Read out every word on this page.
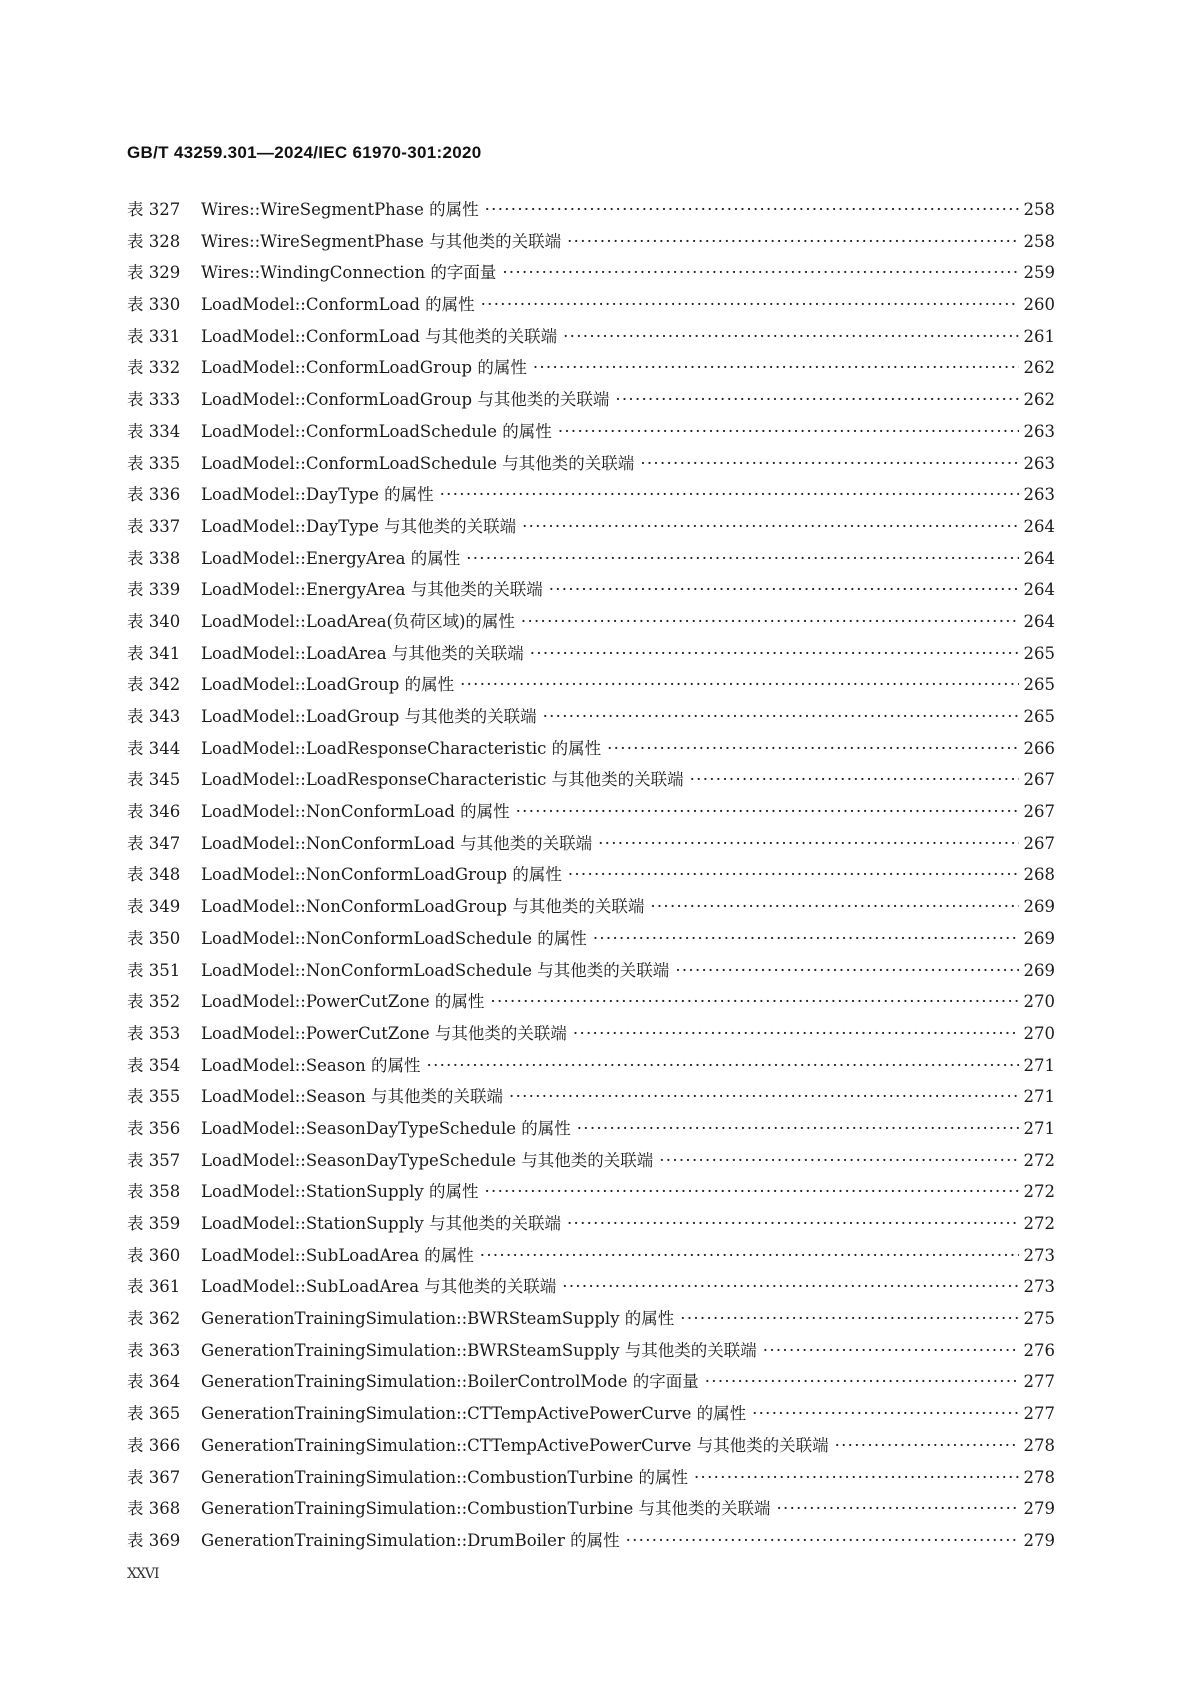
GB/T 43259.301—2024/IEC 61970-301:2020
表 327	Wires::WireSegmentPhase 的属性 ·····	258
表 328	Wires::WireSegmentPhase 与其他类的关联端 ·····	258
表 329	Wires::WindingConnection 的字面量 ·····	259
表 330	LoadModel::ConformLoad 的属性 ·····	260
表 331	LoadModel::ConformLoad 与其他类的关联端 ·····	261
表 332	LoadModel::ConformLoadGroup 的属性 ·····	262
表 333	LoadModel::ConformLoadGroup 与其他类的关联端 ·····	262
表 334	LoadModel::ConformLoadSchedule 的属性 ·····	263
表 335	LoadModel::ConformLoadSchedule 与其他类的关联端 ·····	263
表 336	LoadModel::DayType 的属性 ·····	263
表 337	LoadModel::DayType 与其他类的关联端 ·····	264
表 338	LoadModel::EnergyArea 的属性 ·····	264
表 339	LoadModel::EnergyArea 与其他类的关联端 ·····	264
表 340	LoadModel::LoadArea(负荷区域)的属性 ·····	264
表 341	LoadModel::LoadArea 与其他类的关联端 ·····	265
表 342	LoadModel::LoadGroup 的属性 ·····	265
表 343	LoadModel::LoadGroup 与其他类的关联端 ·····	265
表 344	LoadModel::LoadResponseCharacteristic 的属性 ·····	266
表 345	LoadModel::LoadResponseCharacteristic 与其他类的关联端 ·····	267
表 346	LoadModel::NonConformLoad 的属性 ·····	267
表 347	LoadModel::NonConformLoad 与其他类的关联端 ·····	267
表 348	LoadModel::NonConformLoadGroup 的属性 ·····	268
表 349	LoadModel::NonConformLoadGroup 与其他类的关联端 ·····	269
表 350	LoadModel::NonConformLoadSchedule 的属性 ·····	269
表 351	LoadModel::NonConformLoadSchedule 与其他类的关联端 ·····	269
表 352	LoadModel::PowerCutZone 的属性 ·····	270
表 353	LoadModel::PowerCutZone 与其他类的关联端 ·····	270
表 354	LoadModel::Season 的属性 ·····	271
表 355	LoadModel::Season 与其他类的关联端 ·····	271
表 356	LoadModel::SeasonDayTypeSchedule 的属性 ·····	271
表 357	LoadModel::SeasonDayTypeSchedule 与其他类的关联端 ·····	272
表 358	LoadModel::StationSupply 的属性 ·····	272
表 359	LoadModel::StationSupply 与其他类的关联端 ·····	272
表 360	LoadModel::SubLoadArea 的属性 ·····	273
表 361	LoadModel::SubLoadArea 与其他类的关联端 ·····	273
表 362	GenerationTrainingSimulation::BWRSteamSupply 的属性 ·····	275
表 363	GenerationTrainingSimulation::BWRSteamSupply 与其他类的关联端 ·····	276
表 364	GenerationTrainingSimulation::BoilerControlMode 的字面量 ·····	277
表 365	GenerationTrainingSimulation::CTTempActivePowerCurve 的属性 ·····	277
表 366	GenerationTrainingSimulation::CTTempActivePowerCurve 与其他类的关联端 ·····	278
表 367	GenerationTrainingSimulation::CombustionTurbine 的属性 ·····	278
表 368	GenerationTrainingSimulation::CombustionTurbine 与其他类的关联端 ·····	279
表 369	GenerationTrainingSimulation::DrumBoiler 的属性 ·····	279
XXVI
